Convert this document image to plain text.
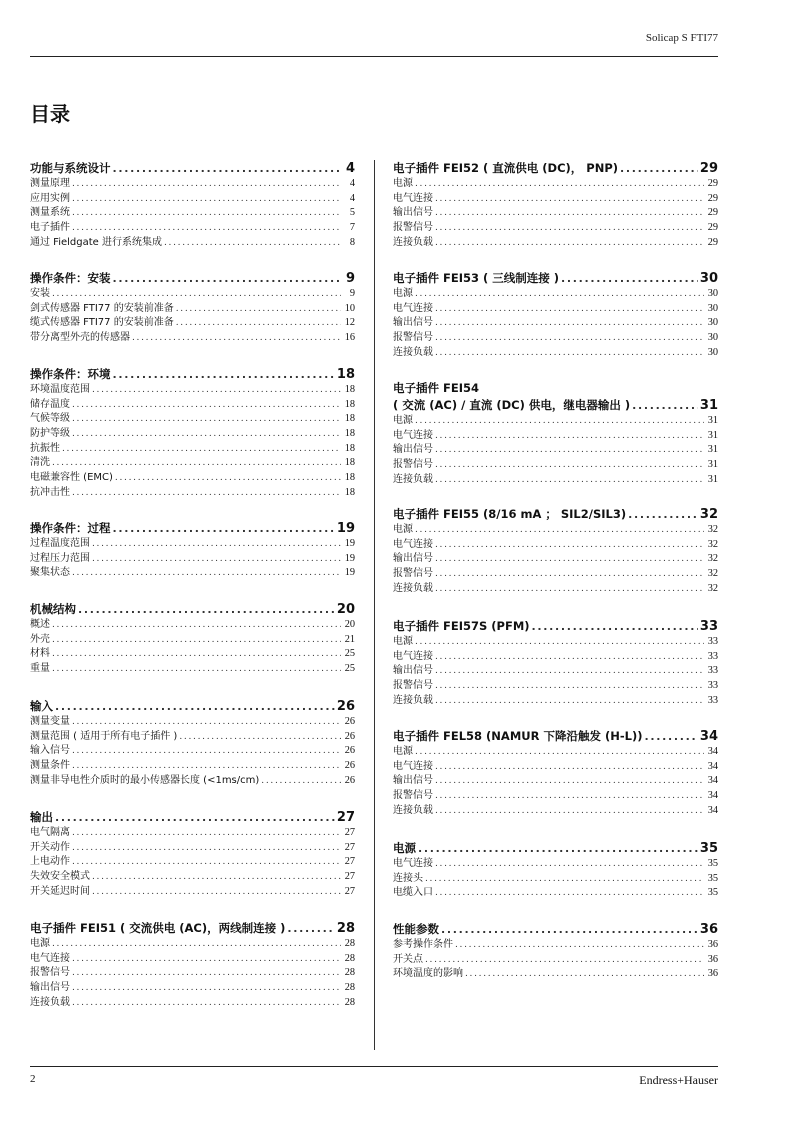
Solicap S FTI77
目录
功能与系统设计 .....	4
测量原理 .....	4
应用实例 .....	4
测量系统 .....	5
电子插件 .....	7
通过 Fieldgate 进行系统集成 .....	8
操作条件：安装 .....	9
安装 .....	9
剑式传感器 FTI77 的安装前准备 .....	10
缆式传感器 FTI77 的安装前准备 .....	12
带分离型外壳的传感器 .....	16
操作条件：环境 .....	18
环境温度范围 .....	18
储存温度 .....	18
气候等级 .....	18
防护等级 .....	18
抗振性 .....	18
清洗 .....	18
电磁兼容性 (EMC) .....	18
抗冲击性 .....	18
操作条件：过程 .....	19
过程温度范围 .....	19
过程压力范围 .....	19
聚集状态 .....	19
机械结构 .....	20
概述 .....	20
外壳 .....	21
材料 .....	25
重量 .....	25
输入 .....	26
测量变量 .....	26
测量范围 ( 适用于所有电子插件 ) .....	26
输入信号 .....	26
测量条件 .....	26
测量非导电性介质时的最小传感器长度 (<1ms/cm) .....	26
输出 .....	27
电气隔离 .....	27
开关动作 .....	27
上电动作 .....	27
失效安全模式 .....	27
开关延迟时间 .....	27
电子插件 FEI51 ( 交流供电 (AC)，两线制连接 ) .....	28
电源 .....	28
电气连接 .....	28
报警信号 .....	28
输出信号 .....	28
连接负载 .....	28
电子插件 FEI52 ( 直流供电 (DC)， PNP) .....	29
电源 .....	29
电气连接 .....	29
输出信号 .....	29
报警信号 .....	29
连接负载 .....	29
电子插件 FEI53 ( 三线制连接 ) .....	30
电源 .....	30
电气连接 .....	30
输出信号 .....	30
报警信号 .....	30
连接负载 .....	30
电子插件 FEI54
( 交流 (AC) / 直流 (DC) 供电，继电器输出 ) .....	31
电源 .....	31
电气连接 .....	31
输出信号 .....	31
报警信号 .....	31
连接负载 .....	31
电子插件 FEI55 (8/16 mA ； SIL2/SIL3) .....	32
电源 .....	32
电气连接 .....	32
输出信号 .....	32
报警信号 .....	32
连接负载 .....	32
电子插件 FEI57S (PFM) .....	33
电源 .....	33
电气连接 .....	33
输出信号 .....	33
报警信号 .....	33
连接负载 .....	33
电子插件 FEL58 (NAMUR 下降沿触发 (H-L)) .....	34
电源 .....	34
电气连接 .....	34
输出信号 .....	34
报警信号 .....	34
连接负载 .....	34
电源 .....	35
电气连接 .....	35
连接头 .....	35
电缆入口 .....	35
性能参数 .....	36
参考操作条件 .....	36
开关点 .....	36
环境温度的影响 .....	36
2	Endress+Hauser
